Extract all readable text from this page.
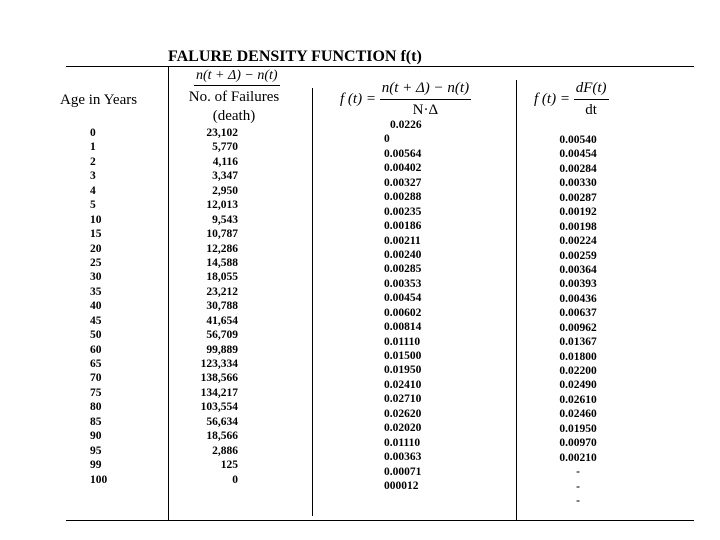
FALURE DENSITY FUNCTION f(t)
Age in Years
n(t + Δ) − n(t)
No. of Failures
(death)
f $(t) = \frac{n(t + \Delta) - n(t)}{N\cdot\Delta}$	f $(t) = \frac{dF(t)}{dt}$
0
1
2
3
4
5
10
15
20
25
30
35
40
45
50
60
65
70
75
80
85
90
95
99
100
23,102
5,770
4,116
3,347
2,950
12,013
9,543
10,787
12,286
14,588
18,055
23,212
30,788
41,654
56,709
99,889
123,334
138,566
134,217
103,554
56,634
18,566
2,886
125
0
0.0226
0
0.00564
0.00402
0.00327
0.00288
0.00235
0.00186
0.00211
0.00240
0.00285
0.00353
0.00454
0.00602
0.00814
0.01110
0.01500
0.01950
0.02410
0.02710
0.02620
0.02020
0.01110
0.00363
0.00071
000012
0.00540
0.00454
0.00284
0.00330
0.00287
0.00192
0.00198
0.00224
0.00259
0.00364
0.00393
0.00436
0.00637
0.00962
0.01367
0.01800
0.02200
0.02490
0.02610
0.02460
0.01950
0.00970
0.00210
-
-
-
